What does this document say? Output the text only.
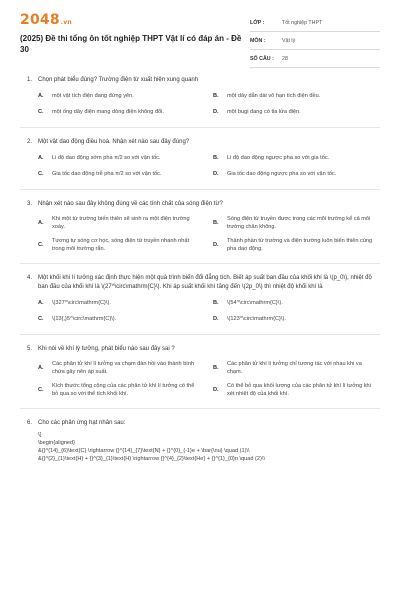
2048.vn
(2025) Đề thi tổng ôn tốt nghiệp THPT Vật lí có đáp án - Đề 30
LỚP :	Tốt nghiệp THPT
MÔN :	Vật lý
SỐ CÂU :	28
1.	Chọn phát biểu đúng? Trường điện từ xuất hiện xung quanh
A.	một vật tích điện đang đứng yên.	B.	một dây dẫn dài vô hạn tích điện đều.
C.	một ống dây điện mang dòng điện không đổi.	D.	một bugi đang có tia lửa điện.
2.	Một vật dao động điều hoà. Nhận xét nào sau đây đúng?
A.	Li độ dao động sớm pha π/2 so với vận tốc.	B.	Li độ dao động ngược pha so với gia tốc.
C.	Gia tốc dao động trễ pha π/2 so với vận tốc.	D.	Gia tốc dao động ngược pha so với vận tốc.
3.	Nhận xét nào sau đây không đúng về các tính chất của sóng điện từ?
A.
Khi một từ trường biến thiên sẽ sinh ra một điện trường xoáy.
B.
Sóng điện từ truyền được trong các môi trường kể cả môi trường chân không.
C.
Tương tự sóng cơ học, sóng điện từ truyền nhanh nhất trong môi trường rắn.
D.
Thành phần từ trường và điện trường luôn biến thiên cùng pha dao động.
4.	Một khối khí lí tưởng xác định thực hiện một quá trình biến đổi đẳng tích. Biết áp suất ban đầu của khối khí là \(p_0\), nhiệt độ ban đầu của khối khí là \(27^\circ\mathrm{C}\). Khi áp suất khối khí tăng đến \(2p_0\) thì nhiệt độ khối khí là
A.	\(327^\circ\mathrm{C}\).	B.	\(54^\circ\mathrm{C}\).
C.	\(13{,}5^\circ\mathrm{C}\).	D.	\(123^\circ\mathrm{C}\).
5.	Khi nói về khí lý tưởng, phát biểu nào sau đây sai ?
A.
Các phân tử khí lí tưởng va chạm đàn hồi vào thành bình chứa gây nên áp suất.
B.
Các phân tử khí lí tưởng chỉ tương tác với nhau khi va chạm.
C.
Kích thước tổng cộng của các phân tử khí lí tưởng có thể bỏ qua so với thể tích khối khí.
D.
Có thể bỏ qua khối lượng của các phân tử khí lí tưởng khi xét nhiệt độ của khối khí.
6.	Cho các phản ứng hạt nhân sau:
\[
\begin{aligned}
&{}^{14}_{6}\text{C} \rightarrow {}^{14}_{7}\text{N} + {}^{0}_{-1}e + \bar{\nu} \quad (1)\\
&{}^{2}_{1}\text{H} + {}^{3}_{1}\text{H} \rightarrow {}^{4}_{2}\text{He} + {}^{1}_{0}n \quad (2)\\
